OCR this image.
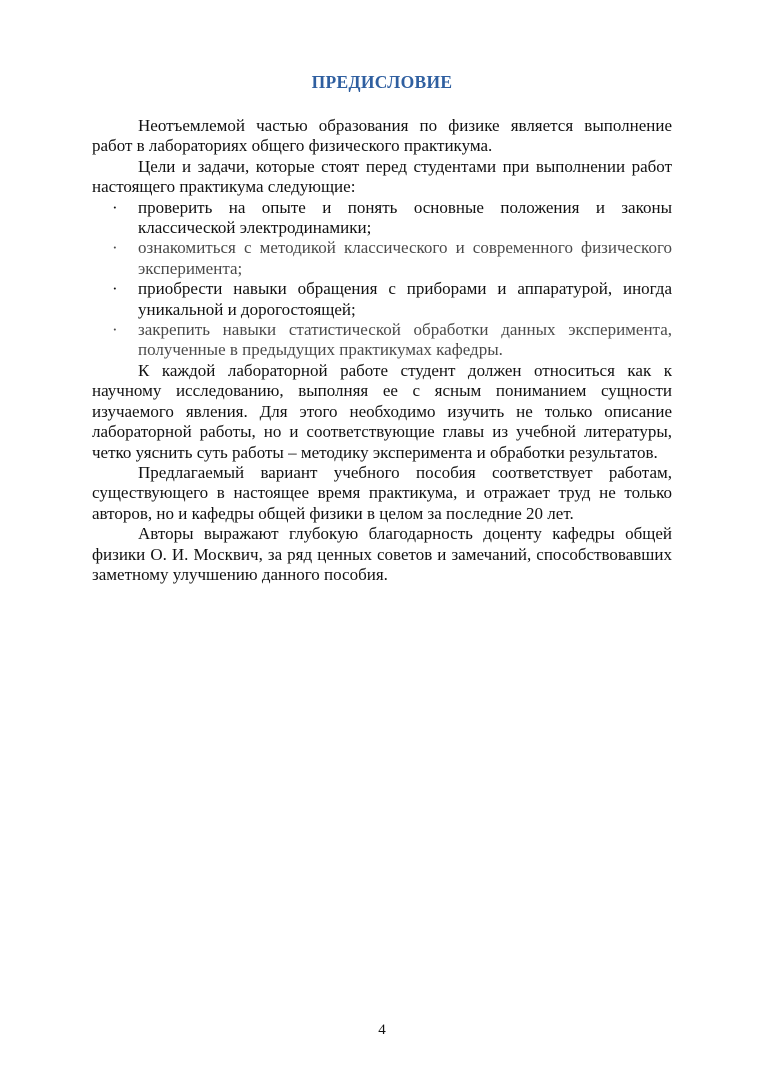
ПРЕДИСЛОВИЕ

Неотъемлемой частью образования по физике является выполнение работ в лабораториях общего физического практикума.

Цели и задачи, которые стоят перед студентами при выполнении работ настоящего практикума следующие:

· проверить на опыте и понять основные положения и законы классической электродинамики;
· ознакомиться с методикой классического и современного физического эксперимента;
· приобрести навыки обращения с приборами и аппаратурой, иногда уникальной и дорогостоящей;
· закрепить навыки статистической обработки данных эксперимента, полученные в предыдущих практикумах кафедры.

К каждой лабораторной работе студент должен относиться как к научному исследованию, выполняя ее с ясным пониманием сущности изучаемого явления. Для этого необходимо изучить не только описание лабораторной работы, но и соответствующие главы из учебной литературы, четко уяснить суть работы – методику эксперимента и обработки результатов.

Предлагаемый вариант учебного пособия соответствует работам, существующего в настоящее время практикума, и отражает труд не только авторов, но и кафедры общей физики в целом за последние 20 лет.

Авторы выражают глубокую благодарность доценту кафедры общей физики О. И. Москвич, за ряд ценных советов и замечаний, способствовавших заметному улучшению данного пособия.

4
